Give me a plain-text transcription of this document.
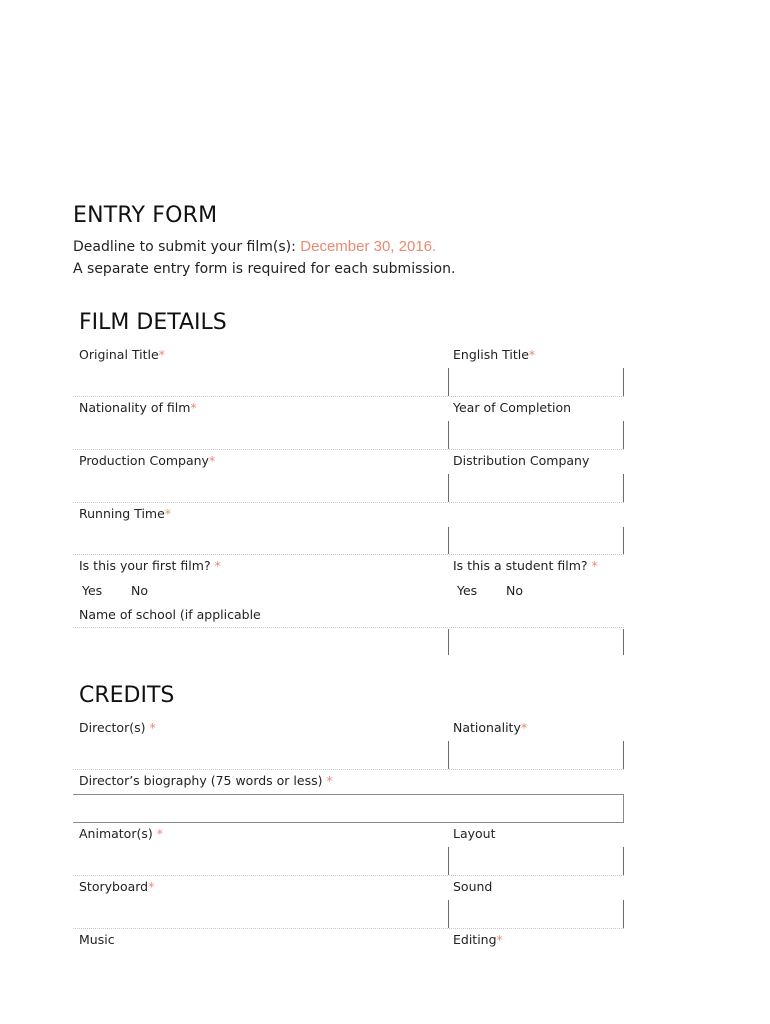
ENTRY FORM
Deadline to submit your film(s): December 30, 2016.
A separate entry form is required for each submission.
FILM DETAILS
Original Title*	English Title*
Nationality of film*	Year of Completion
Production Company*	Distribution Company
Running Time*
Is this your first film? *	Is this a student film? *
Yes No	Yes No
Name of school (if applicable
CREDITS
Director(s) *	Nationality*
Director’s biography (75 words or less) *
Animator(s) *	Layout
Storyboard*	Sound
Music	Editing*
